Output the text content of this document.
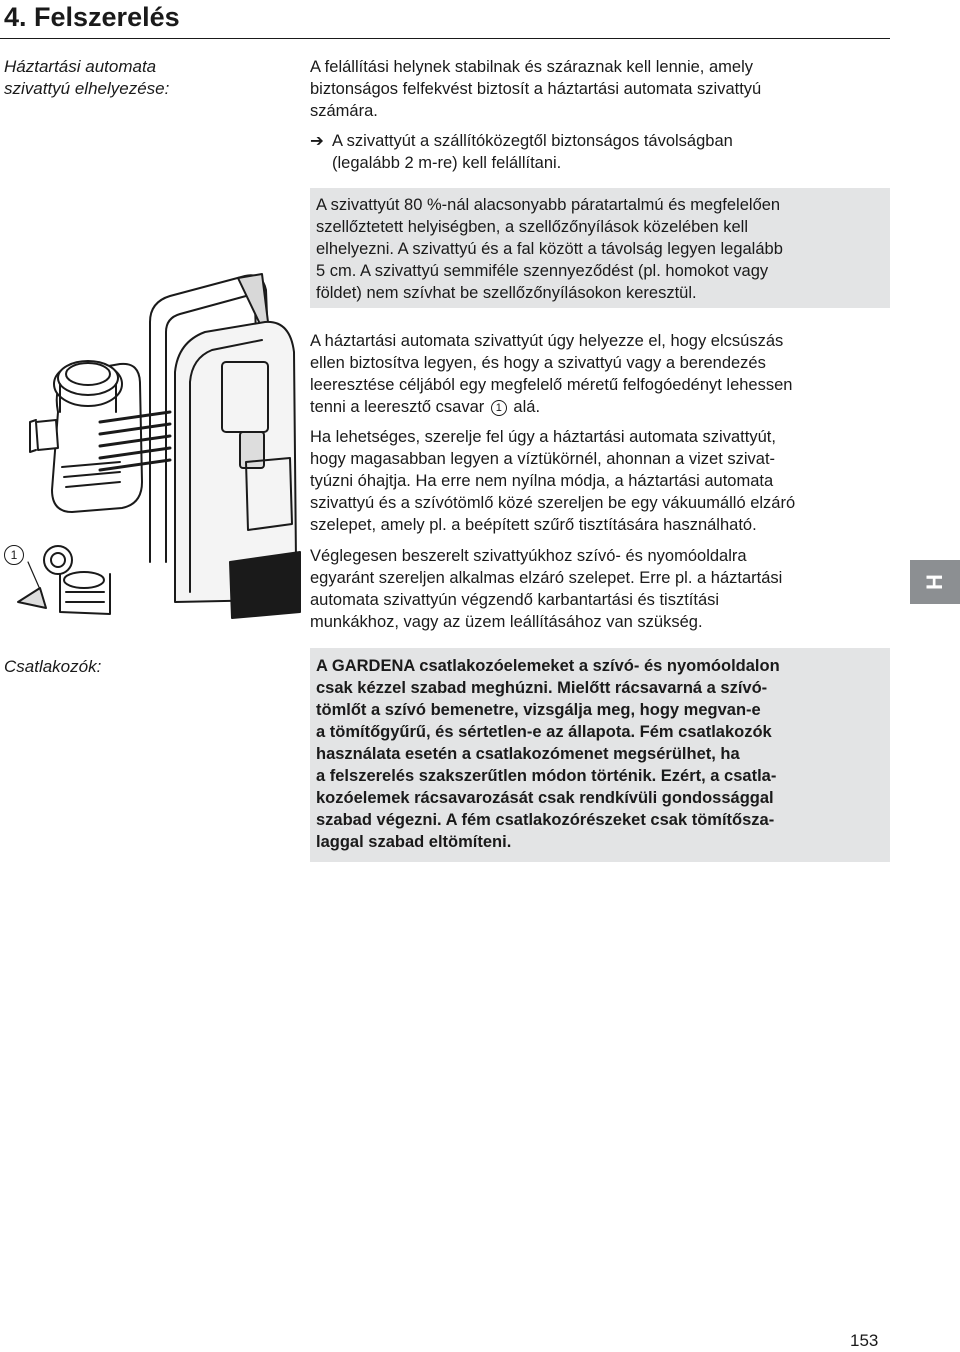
4. Felszerelés
Háztartási automata
szivattyú elhelyezése:
A felállítási helynek stabilnak és száraznak kell lennie, amely
biztonságos felfekvést biztosít a háztartási automata szivattyú
számára.
➔ A szivattyút a szállítóközegtől biztonságos távolságban
(legalább 2 m-re) kell felállítani.
A szivattyút 80 %-nál alacsonyabb páratartalmú és megfelelően
szellőztetett helyiségben, a szellőzőnyílások közelében kell
elhelyezni. A szivattyú és a fal között a távolság legyen legalább
5 cm. A szivattyú semmiféle szennyeződést (pl. homokot vagy
földet) nem szívhat be szellőzőnyílásokon keresztül.
A háztartási automata szivattyút úgy helyezze el, hogy elcsúszás
ellen biztosítva legyen, és hogy a szivattyú vagy a berendezés
leeresztése céljából egy megfelelő méretű felfogóedényt lehessen
tenni a leeresztő csavar 1 alá.
Ha lehetséges, szerelje fel úgy a háztartási automata szivattyút,
hogy magasabban legyen a víztükörnél, ahonnan a vizet szivat-
tyúzni óhajtja. Ha erre nem nyílna módja, a háztartási automata
szivattyú és a szívótömlő közé szereljen be egy vákuumálló elzáró
szelepet, amely pl. a beépített szűrő tisztítására használható.
Véglegesen beszerelt szivattyúkhoz szívó- és nyomóoldalra
egyaránt szereljen alkalmas elzáró szelepet. Erre pl. a háztartási
automata szivattyún végzendő karbantartási és tisztítási
munkákhoz, vagy az üzem leállításához van szükség.
Csatlakozók:	A GARDENA csatlakozóelemeket a szívó- és nyomóoldalon
csak kézzel szabad meghúzni. Mielőtt rácsavarná a szívó-
tömlőt a szívó bemenetre, vizsgálja meg, hogy megvan-e
a tömítőgyűrű, és sértetlen-e az állapota. Fém csatlakozók
használata esetén a csatlakozómenet megsérülhet, ha
a felszerelés szakszerűtlen módon történik. Ezért, a csatla-
kozóelemek rácsavarozását csak rendkívüli gondossággal
szabad végezni. A fém csatlakozórészeket csak tömítősza-
laggal szabad eltömíteni.
1
H
153
